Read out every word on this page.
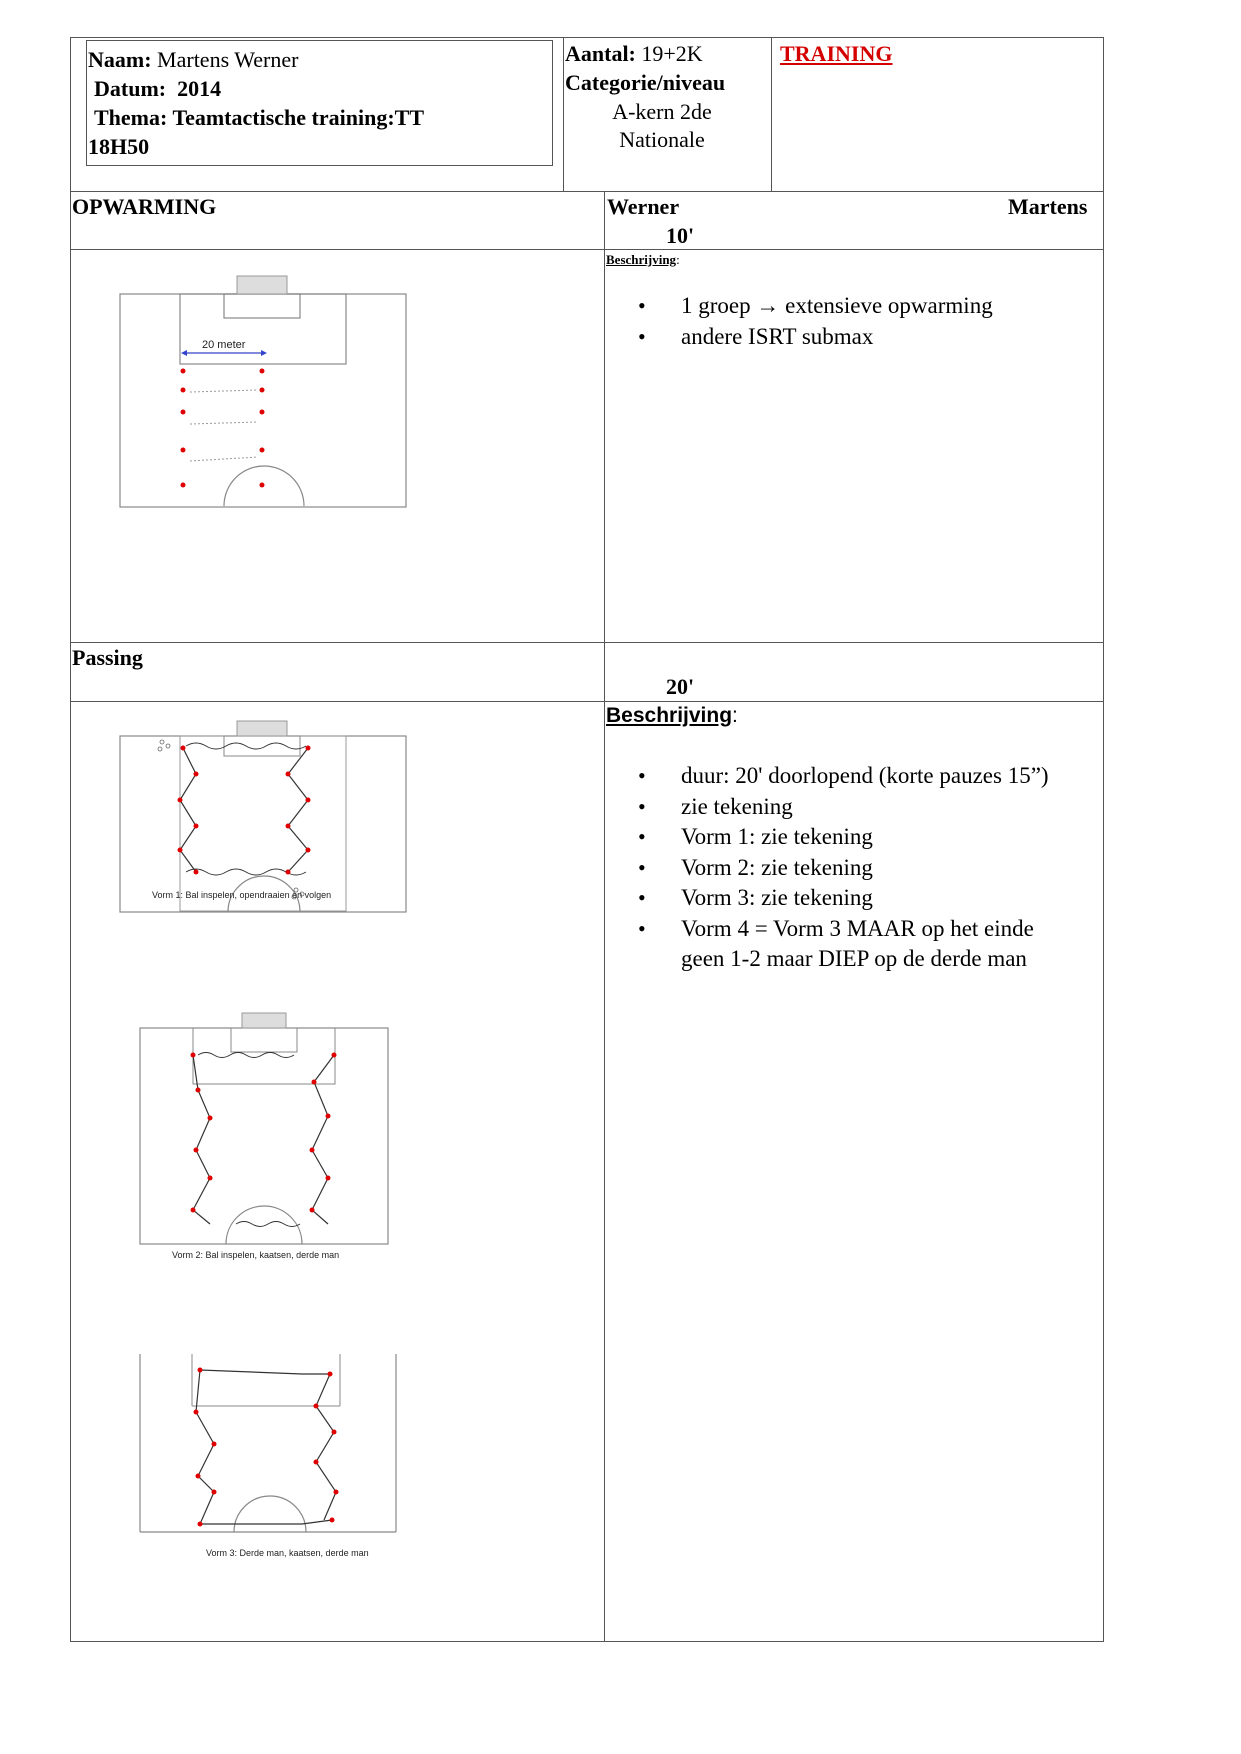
Naam: Martens Werner
Datum: 2014
Thema: Teamtactische training:TT
18H50
Aantal: 19+2K
Categorie/niveau
A-kern 2de
Nationale
TRAINING
OPWARMING	Werner	Martens
10'
Beschrijving:
• 1 groep → extensieve opwarming
• andere ISRT submax
20 meter
Passing
20'
Beschrijving:
• duur: 20' doorlopend (korte pauzes 15”)
• zie tekening
• Vorm 1: zie tekening
• Vorm 2: zie tekening
• Vorm 3: zie tekening
• Vorm 4 = Vorm 3 MAAR op het einde
geen 1-2 maar DIEP op de derde man
Vorm 1: Bal inspelen, opendraaien en volgen
Vorm 2: Bal inspelen, kaatsen, derde man
Vorm 3: Derde man, kaatsen, derde man
